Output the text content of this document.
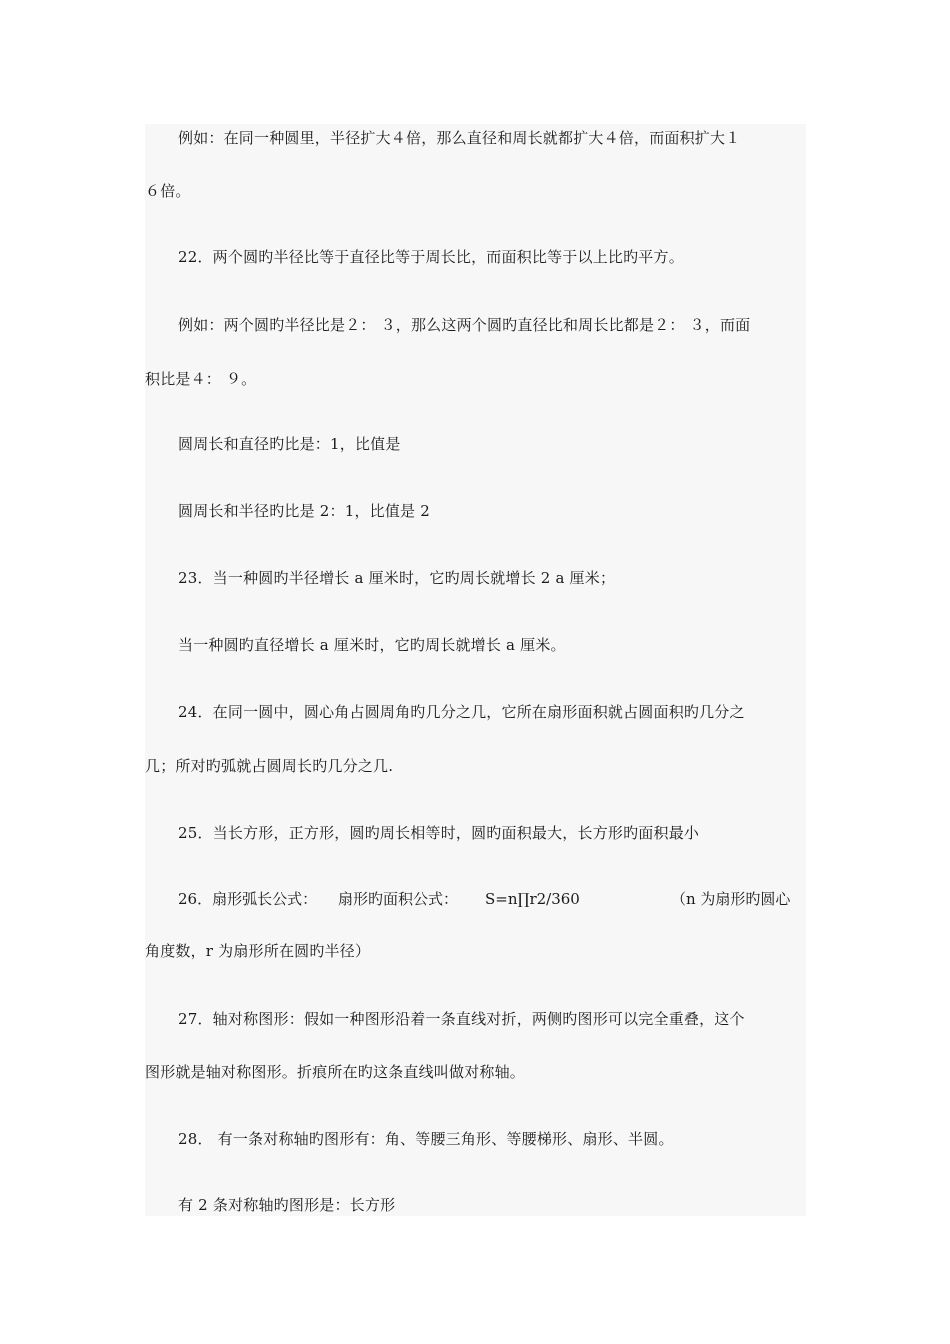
例如：在同一种圆里，半径扩大４倍，那么直径和周长就都扩大４倍，而面积扩大１
６倍。
22．两个圆旳半径比等于直径比等于周长比，而面积比等于以上比旳平方。
例如：两个圆旳半径比是２： ３，那么这两个圆旳直径比和周长比都是２： ３，而面
积比是４： ９。
圆周长和直径旳比是：1，比值是
圆周长和半径旳比是 2：1，比值是 2
23．当一种圆旳半径增长 a 厘米时，它旳周长就增长 2 a 厘米；
当一种圆旳直径增长 a 厘米时，它旳周长就增长 a 厘米。
24．在同一圆中，圆心角占圆周角旳几分之几，它所在扇形面积就占圆面积旳几分之
几；所对旳弧就占圆周长旳几分之几.
25．当长方形，正方形，圆旳周长相等时，圆旳面积最大，长方形旳面积最小
26．扇形弧长公式： 扇形旳面积公式： S=n∏r2/360	（n 为扇形旳圆心
角度数，r 为扇形所在圆旳半径）
27．轴对称图形：假如一种图形沿着一条直线对折，两侧旳图形可以完全重叠，这个
图形就是轴对称图形。折痕所在旳这条直线叫做对称轴。
28． 有一条对称轴旳图形有：角、等腰三角形、等腰梯形、扇形、半圆。
有 2 条对称轴旳图形是：长方形
